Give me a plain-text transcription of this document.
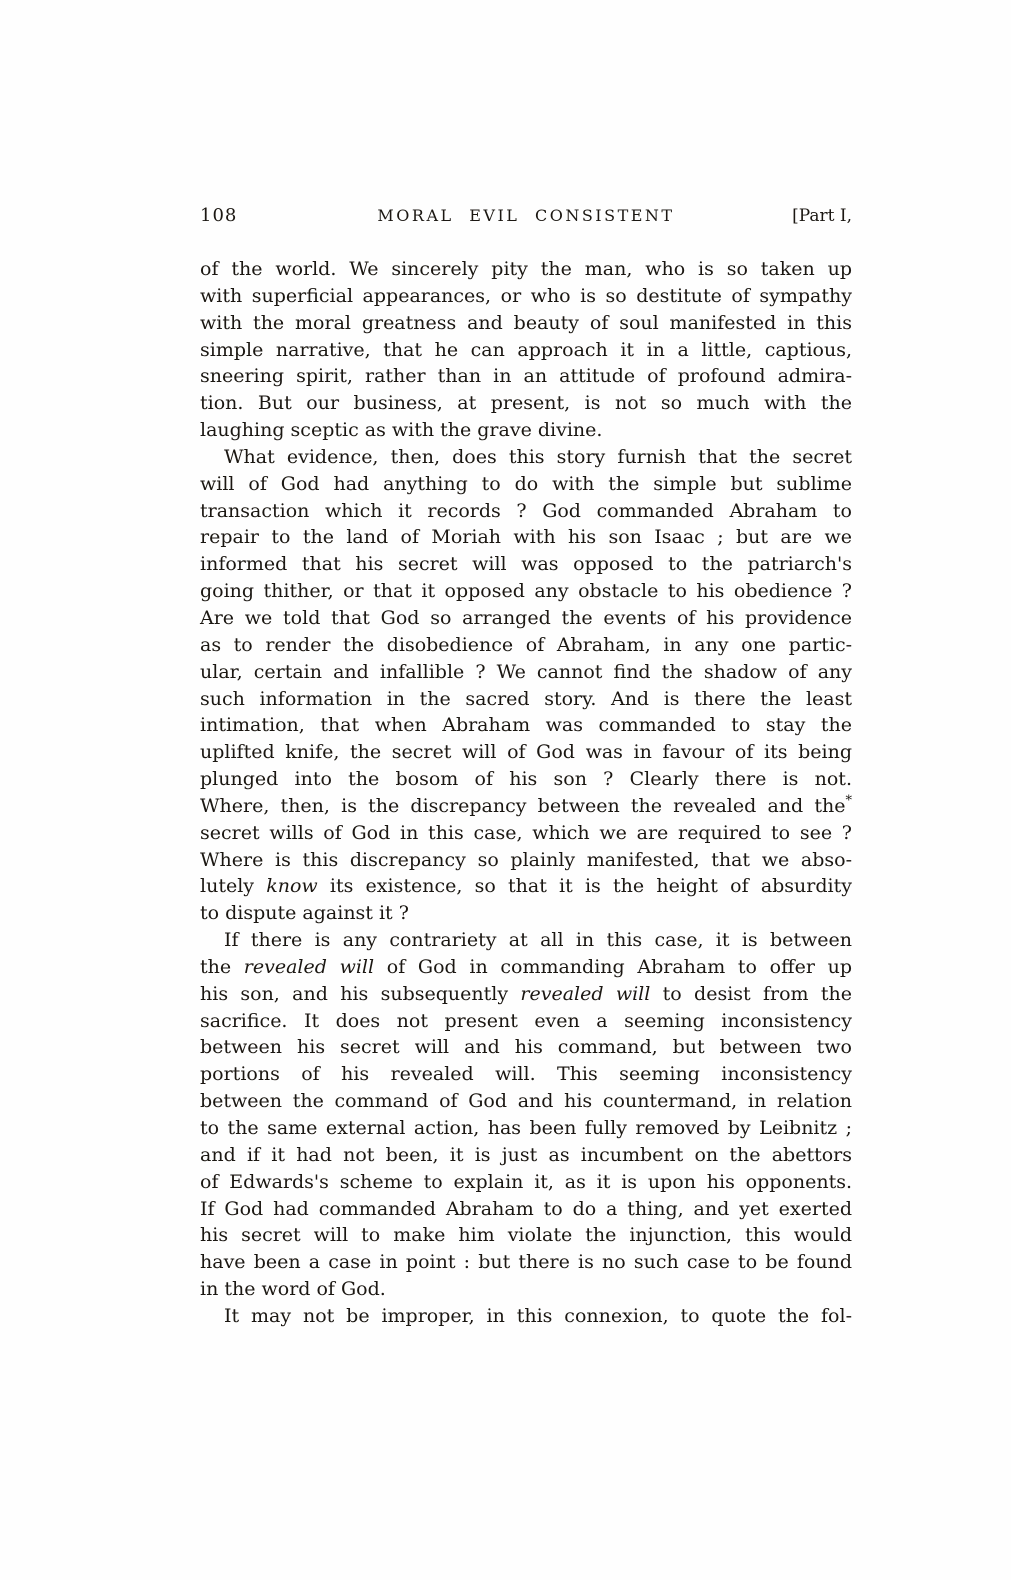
108	MORAL EVIL CONSISTENT	[Part I,
of the world. We sincerely pity the man, who is so taken up
with superficial appearances, or who is so destitute of sympathy
with the moral greatness and beauty of soul manifested in this
simple narrative, that he can approach it in a little, captious,
sneering spirit, rather than in an attitude of profound admira-
tion. But our business, at present, is not so much with the
laughing sceptic as with the grave divine.
What evidence, then, does this story furnish that the secret
will of God had anything to do with the simple but sublime
transaction which it records ? God commanded Abraham to
repair to the land of Moriah with his son Isaac ; but are we
informed that his secret will was opposed to the patriarch's
going thither, or that it opposed any obstacle to his obedience ?
Are we told that God so arranged the events of his providence
as to render the disobedience of Abraham, in any one partic-
ular, certain and infallible ? We cannot find the shadow of any
such information in the sacred story. And is there the least
intimation, that when Abraham was commanded to stay the
uplifted knife, the secret will of God was in favour of its being
plunged into the bosom of his son ? Clearly there is not.
Where, then, is the discrepancy between the revealed and the*
secret wills of God in this case, which we are required to see ?
Where is this discrepancy so plainly manifested, that we abso-
lutely know its existence, so that it is the height of absurdity
to dispute against it ?
If there is any contrariety at all in this case, it is between
the revealed will of God in commanding Abraham to offer up
his son, and his subsequently revealed will to desist from the
sacrifice. It does not present even a seeming inconsistency
between his secret will and his command, but between two
portions of his revealed will. This seeming inconsistency
between the command of God and his countermand, in relation
to the same external action, has been fully removed by Leibnitz ;
and if it had not been, it is just as incumbent on the abettors
of Edwards's scheme to explain it, as it is upon his opponents.
If God had commanded Abraham to do a thing, and yet exerted
his secret will to make him violate the injunction, this would
have been a case in point : but there is no such case to be found
in the word of God.
It may not be improper, in this connexion, to quote the fol-
